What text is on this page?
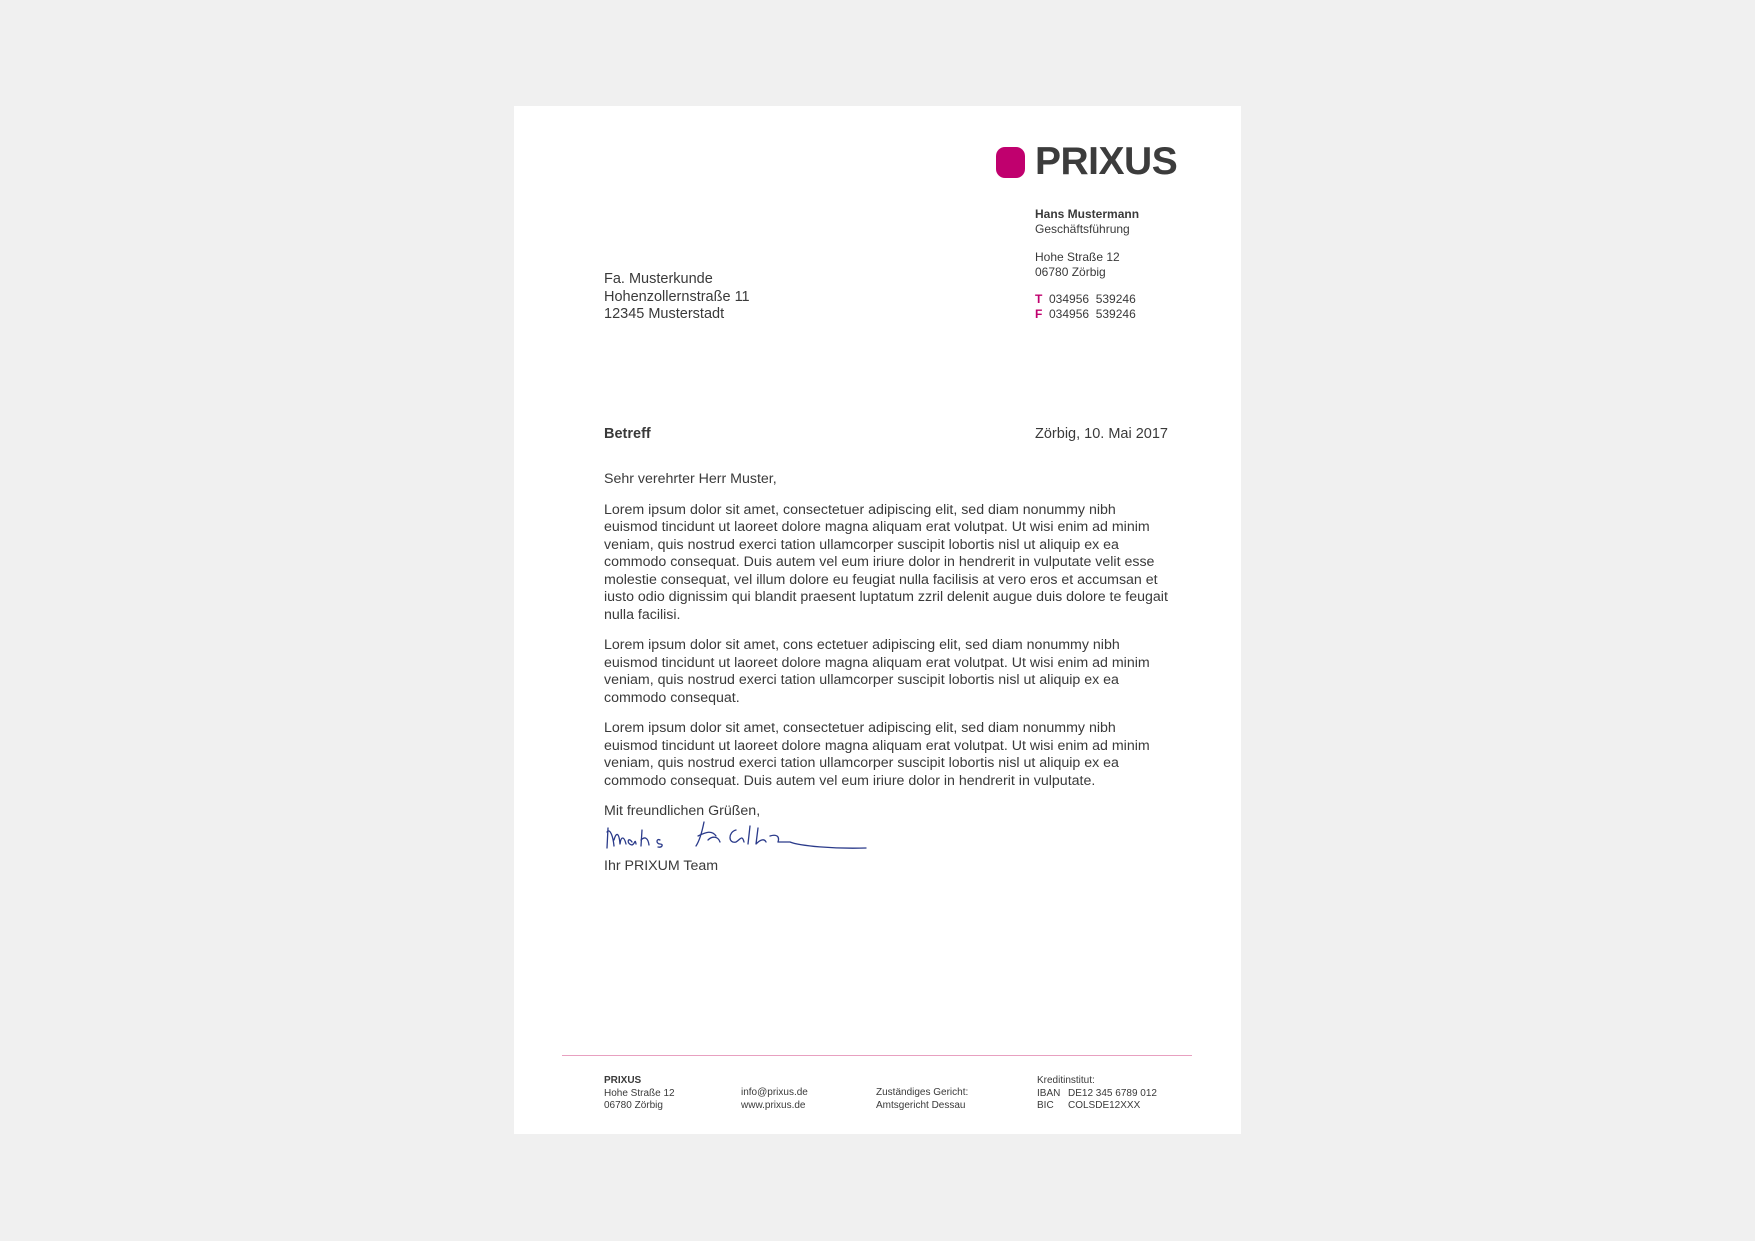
PRIXUS
Hans Mustermann
Geschäftsführung
Hohe Straße 12
06780 Zörbig
T 034956  539246
F 034956  539246
Fa. Musterkunde
Hohenzollernstraße 11
12345 Musterstadt
Betreff	Zörbig, 10. Mai 2017

Sehr verehrter Herr Muster,

Lorem ipsum dolor sit amet, consectetuer adipiscing elit, sed diam nonummy nibh euismod tincidunt ut laoreet dolore magna aliquam erat volutpat. Ut wisi enim ad minim veniam, quis nostrud exerci tation ullamcorper suscipit lobortis nisl ut aliquip ex ea commodo consequat. Duis autem vel eum iriure dolor in hendrerit in vulputate velit esse molestie consequat, vel illum dolore eu feugiat nulla facilisis at vero eros et accumsan et iusto odio dignissim qui blandit praesent luptatum zzril delenit augue duis dolore te feugait nulla facilisi.

Lorem ipsum dolor sit amet, cons ectetuer adipiscing elit, sed diam nonummy nibh euismod tincidunt ut laoreet dolore magna aliquam erat volutpat. Ut wisi enim ad minim veniam, quis nostrud exerci tation ullamcorper suscipit lobortis nisl ut aliquip ex ea commodo consequat.

Lorem ipsum dolor sit amet, consectetuer adipiscing elit, sed diam nonummy nibh euismod tincidunt ut laoreet dolore magna aliquam erat volutpat. Ut wisi enim ad minim veniam, quis nostrud exerci tation ullamcorper suscipit lobortis nisl ut aliquip ex ea commodo consequat. Duis autem vel eum iriure dolor in hendrerit in vulputate.

Mit freundlichen Grüßen,

Ihr PRIXUM Team
PRIXUS
Hohe Straße 12
06780 Zörbig
info@prixus.de
www.prixus.de
Zuständiges Gericht:
Amtsgericht Dessau
Kreditinstitut:
IBAN DE12 345 6789 012
BIC COLSDE12XXX
